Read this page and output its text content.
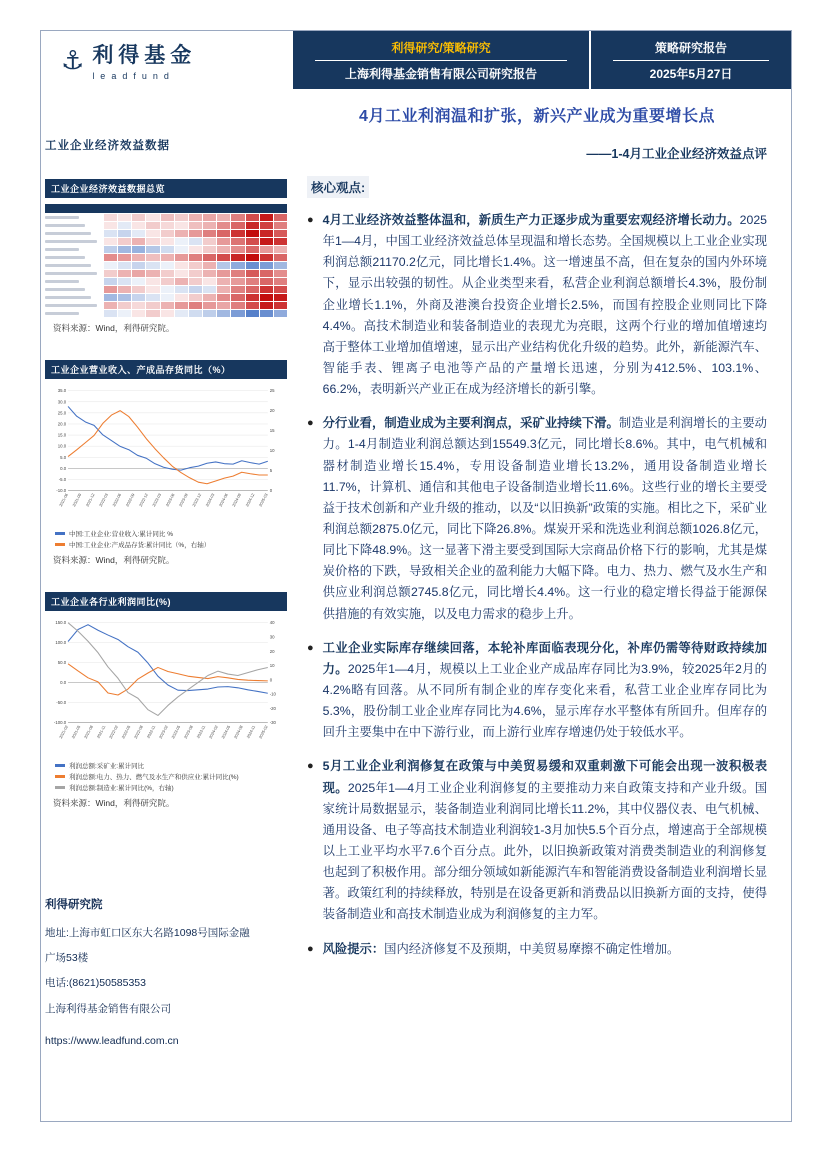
⚓ 利得基金
leadfund
利得研究/策略研究
上海利得基金销售有限公司研究报告
策略研究报告
2025年5月27日
工业企业经济效益数据
工业企业经济效益数据总览
资料来源：Wind，利得研究院。
工业企业营业收入、产成品存货同比（%）
35.0
30.0
25.0
20.0
15.0
10.0
5.0
0.0
-5.0
-10.0
25
20
15
10
5
0
2021-06 2021-09 2021-12 2022-03 2022-06 2022-09 2022-12 2023-03 2023-06 2023-09 2023-12 2024-03 2024-06 2024-09 2024-12 2025-03
中国:工业企业:营业收入:累计同比 %
中国:工业企业:产成品存货:累计同比（%，右轴）
资料来源：Wind，利得研究院。
工业企业各行业利润同比(%)
150.0
100.0
50.0
0.0
-50.0
-100.0
40
30
20
10
0
-10
-20
-30
2021-02 2021-05 2021-08 2021-11 2022-02 2022-05 2022-08 2022-11 2023-02 2023-05 2023-08 2023-11 2024-02 2024-05 2024-08 2024-11 2025-02
利润总额:采矿业:累计同比
利润总额:电力、热力、燃气及水生产和供应业:累计同比(%)
利润总额:制造业:累计同比(%，右轴)
资料来源：Wind，利得研究院。
利得研究院
地址:上海市虹口区东大名路1098号国际金融
广场53楼
电话:(8621)50585353
上海利得基金销售有限公司
https://www.leadfund.com.cn
4月工业利润温和扩张，新兴产业成为重要增长点
——1-4月工业企业经济效益点评
核心观点:
● 4月工业经济效益整体温和，新质生产力正逐步成为重要宏观经济增长动力。2025年1—4月，中国工业经济效益总体呈现温和增长态势。全国规模以上工业企业实现利润总额21170.2亿元，同比增长1.4%。这一增速虽不高，但在复杂的国内外环境下，显示出较强的韧性。从企业类型来看，私营企业利润总额增长4.3%，股份制企业增长1.1%，外商及港澳台投资企业增长2.5%，而国有控股企业则同比下降4.4%。高技术制造业和装备制造业的表现尤为亮眼，这两个行业的增加值增速均高于整体工业增加值增速，显示出产业结构优化升级的趋势。此外，新能源汽车、智能手表、锂离子电池等产品的产量增长迅速，分别为412.5%、103.1%、66.2%，表明新兴产业正在成为经济增长的新引擎。

● 分行业看，制造业成为主要利润点，采矿业持续下滑。制造业是利润增长的主要动力。1-4月制造业利润总额达到15549.3亿元，同比增长8.6%。其中，电气机械和器材制造业增长15.4%，专用设备制造业增长13.2%，通用设备制造业增长11.7%，计算机、通信和其他电子设备制造业增长11.6%。这些行业的增长主要受益于技术创新和产业升级的推动，以及“以旧换新”政策的实施。相比之下，采矿业利润总额2875.0亿元，同比下降26.8%。煤炭开采和洗选业利润总额1026.8亿元，同比下降48.9%。这一显著下滑主要受到国际大宗商品价格下行的影响，尤其是煤炭价格的下跌，导致相关企业的盈利能力大幅下降。电力、热力、燃气及水生产和供应业利润总额2745.8亿元，同比增长4.4%。这一行业的稳定增长得益于能源保供措施的有效实施，以及电力需求的稳步上升。

● 工业企业实际库存继续回落，本轮补库面临表现分化，补库仍需等待财政持续加力。2025年1—4月，规模以上工业企业产成品库存同比为3.9%，较2025年2月的4.2%略有回落。从不同所有制企业的库存变化来看，私营工业企业库存同比为5.3%，股份制工业企业库存同比为4.6%，显示库存水平整体有所回升。但库存的回升主要集中在中下游行业，而上游行业库存增速仍处于较低水平。

● 5月工业企业利润修复在政策与中美贸易缓和双重刺激下可能会出现一波积极表现。2025年1—4月工业企业利润修复的主要推动力来自政策支持和产业升级。国家统计局数据显示，装备制造业利润同比增长11.2%，其中仪器仪表、电气机械、通用设备、电子等高技术制造业利润较1-3月加快5.5个百分点，增速高于全部规模以上工业平均水平7.6个百分点。此外，以旧换新政策对消费类制造业的利润修复也起到了积极作用。部分细分领域如新能源汽车和智能消费设备制造业利润增长显著。政策红利的持续释放，特别是在设备更新和消费品以旧换新方面的支持，使得装备制造业和高技术制造业成为利润修复的主力军。

● 风险提示：国内经济修复不及预期，中美贸易摩擦不确定性增加。
